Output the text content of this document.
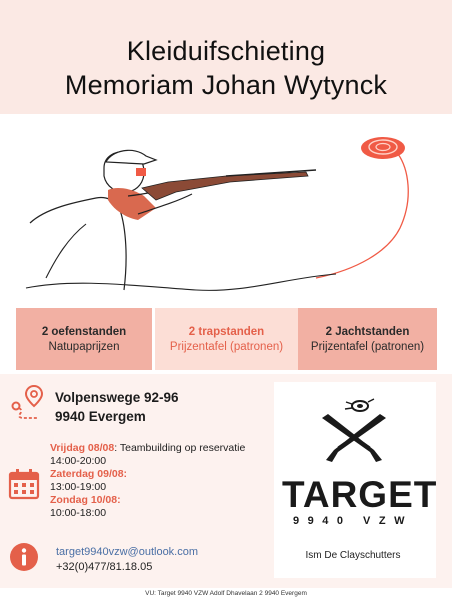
Kleiduifschieting
Memoriam Johan Wytynck
2 oefenstanden
Natuраprijzen
2 trapstanden
Prijzentafel (patronen)
2 Jachtstanden
Prijzentafel (patronen)
Volpenswege 92-96
9940 Evergem
Vrijdag 08/08: Teambuilding op reservatie
14:00-20:00
Zaterdag 09/08:
13:00-19:00
Zondag 10/08:
10:00-18:00
target9940vzw@outlook.com
+32(0)477/81.18.05
TARGET
9940 VZW
Ism De Clayschutters
VU: Target 9940 VZW Adolf Dhavelaan 2 9940 Evergem
